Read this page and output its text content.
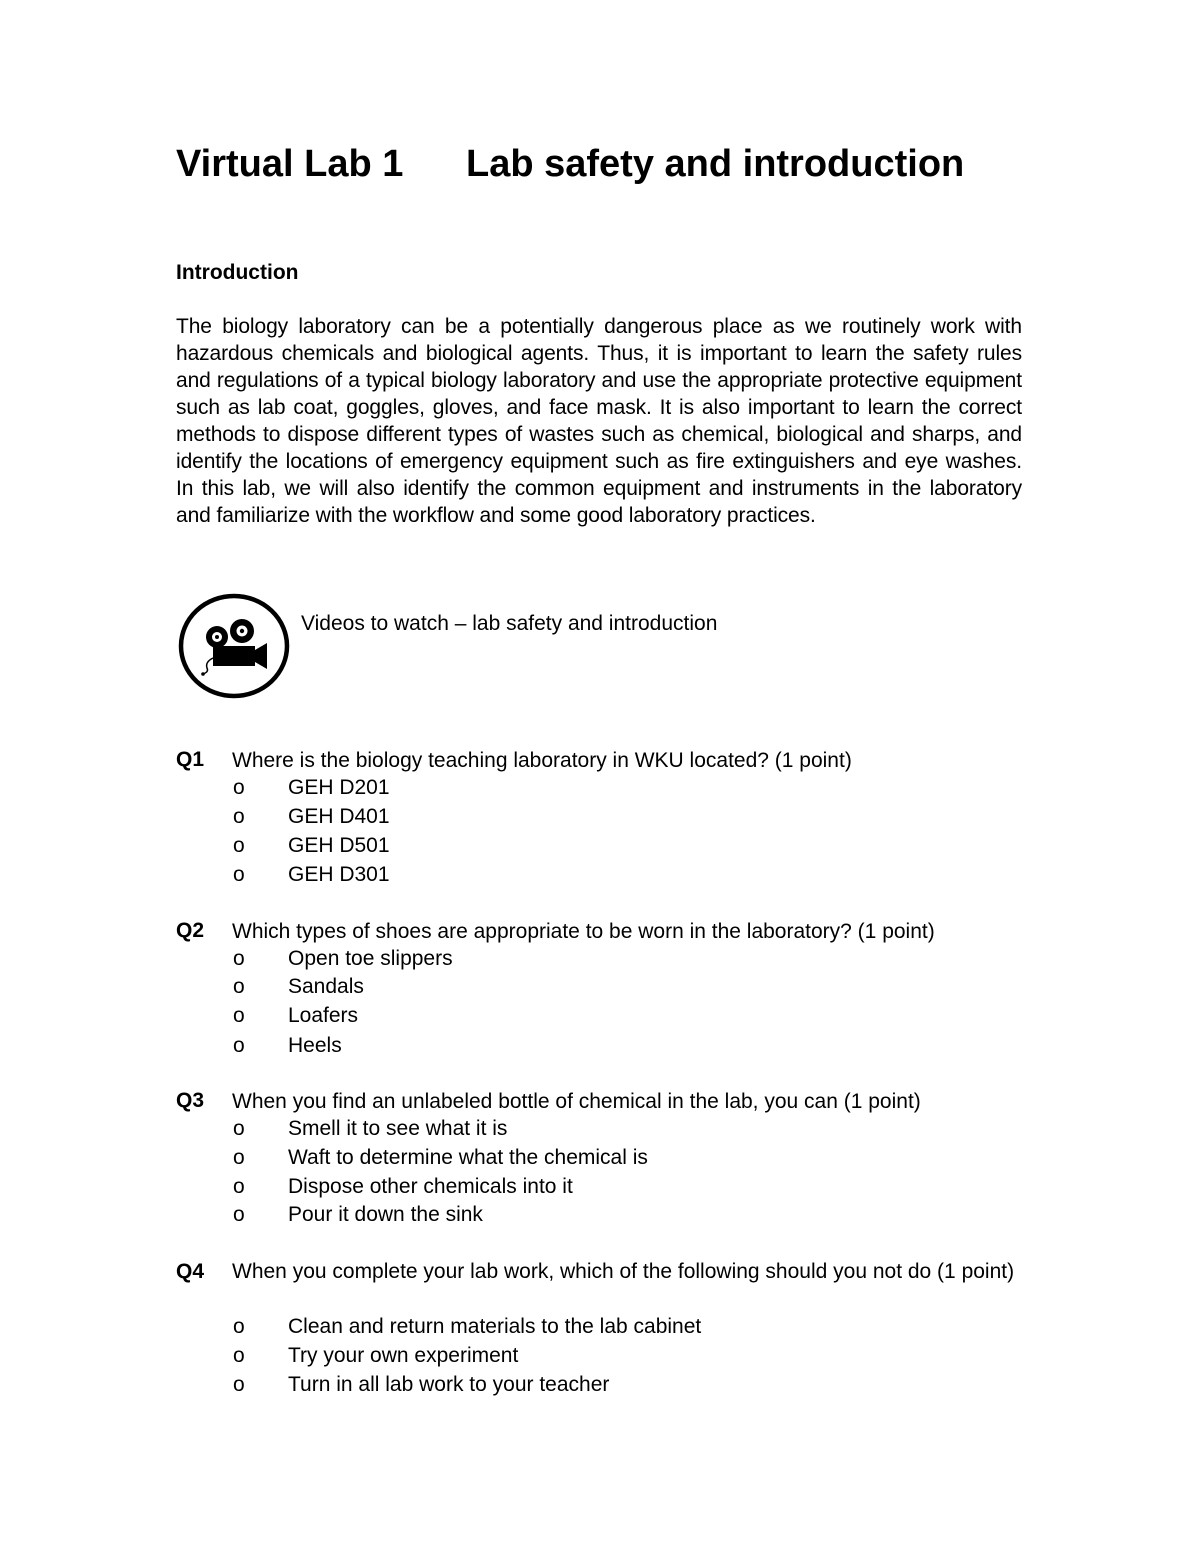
Virtual Lab 1 Lab safety and introduction
Introduction

The biology laboratory can be a potentially dangerous place as we routinely work with hazardous chemicals and biological agents. Thus, it is important to learn the safety rules and regulations of a typical biology laboratory and use the appropriate protective equipment such as lab coat, goggles, gloves, and face mask. It is also important to learn the correct methods to dispose different types of wastes such as chemical, biological and sharps, and identify the locations of emergency equipment such as fire extinguishers and eye washes. In this lab, we will also identify the common equipment and instruments in the laboratory and familiarize with the workflow and some good laboratory practices.

Videos to watch – lab safety and introduction
Q1 Where is the biology teaching laboratory in WKU located? (1 point)
o GEH D201
o GEH D401
o GEH D501
o GEH D301
Q2 Which types of shoes are appropriate to be worn in the laboratory? (1 point)
o Open toe slippers
o Sandals
o Loafers
o Heels
Q3 When you find an unlabeled bottle of chemical in the lab, you can (1 point)
o Smell it to see what it is
o Waft to determine what the chemical is
o Dispose other chemicals into it
o Pour it down the sink
Q4 When you complete your lab work, which of the following should you not do (1 point)
o Clean and return materials to the lab cabinet
o Try your own experiment
o Turn in all lab work to your teacher
